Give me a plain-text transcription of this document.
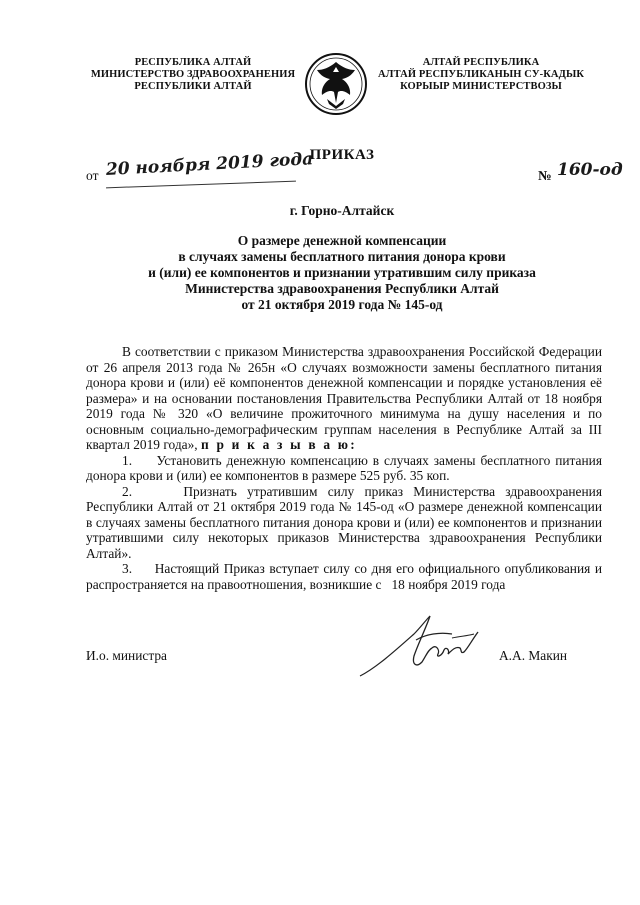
РЕСПУБЛИКА АЛТАЙ
МИНИСТЕРСТВО ЗДРАВООХРАНЕНИЯ
РЕСПУБЛИКИ АЛТАЙ
АЛТАЙ РЕСПУБЛИКА
АЛТАЙ РЕСПУБЛИКАНЫН СУ-КАДЫК
КОРЫЫР МИНИСТЕРСТВОЗЫ
ПРИКАЗ
от 20 ноября 2019 года	№ 160-од
г. Горно-Алтайск
О размере денежной компенсации
в случаях замены бесплатного питания донора крови
и (или) ее компонентов и признании утратившим силу приказа
Министерства здравоохранения Республики Алтай
от 21 октября 2019 года № 145-од

В соответствии с приказом Министерства здравоохранения Российской Федерации от 26 апреля 2013 года № 265н «О случаях возможности замены бесплатного питания донора крови и (или) её компонентов денежной компенсации и порядке установления её размера» и на основании постановления Правительства Республики Алтай от 18 ноября 2019 года № 320 «О величине прожиточного минимума на душу населения и по основным социально-демографическим группам населения в Республике Алтай за III квартал 2019 года», п р и к а з ы в а ю:

1.     Установить денежную компенсацию в случаях замены бесплатного питания донора крови и (или) ее компонентов в размере 525 руб. 35 коп.

2.     Признать утратившим силу приказ Министерства здравоохранения Республики Алтай от 21 октября 2019 года № 145-од «О размере денежной компенсации в случаях замены бесплатного питания донора крови и (или) ее компонентов и признании утратившими силу некоторых приказов Министерства здравоохранения Республики Алтай».

3.     Настоящий Приказ вступает силу со дня его официального опубликования и распространяется на правоотношения, возникшие с   18 ноября 2019 года

И.о. министра	А.А. Макин
